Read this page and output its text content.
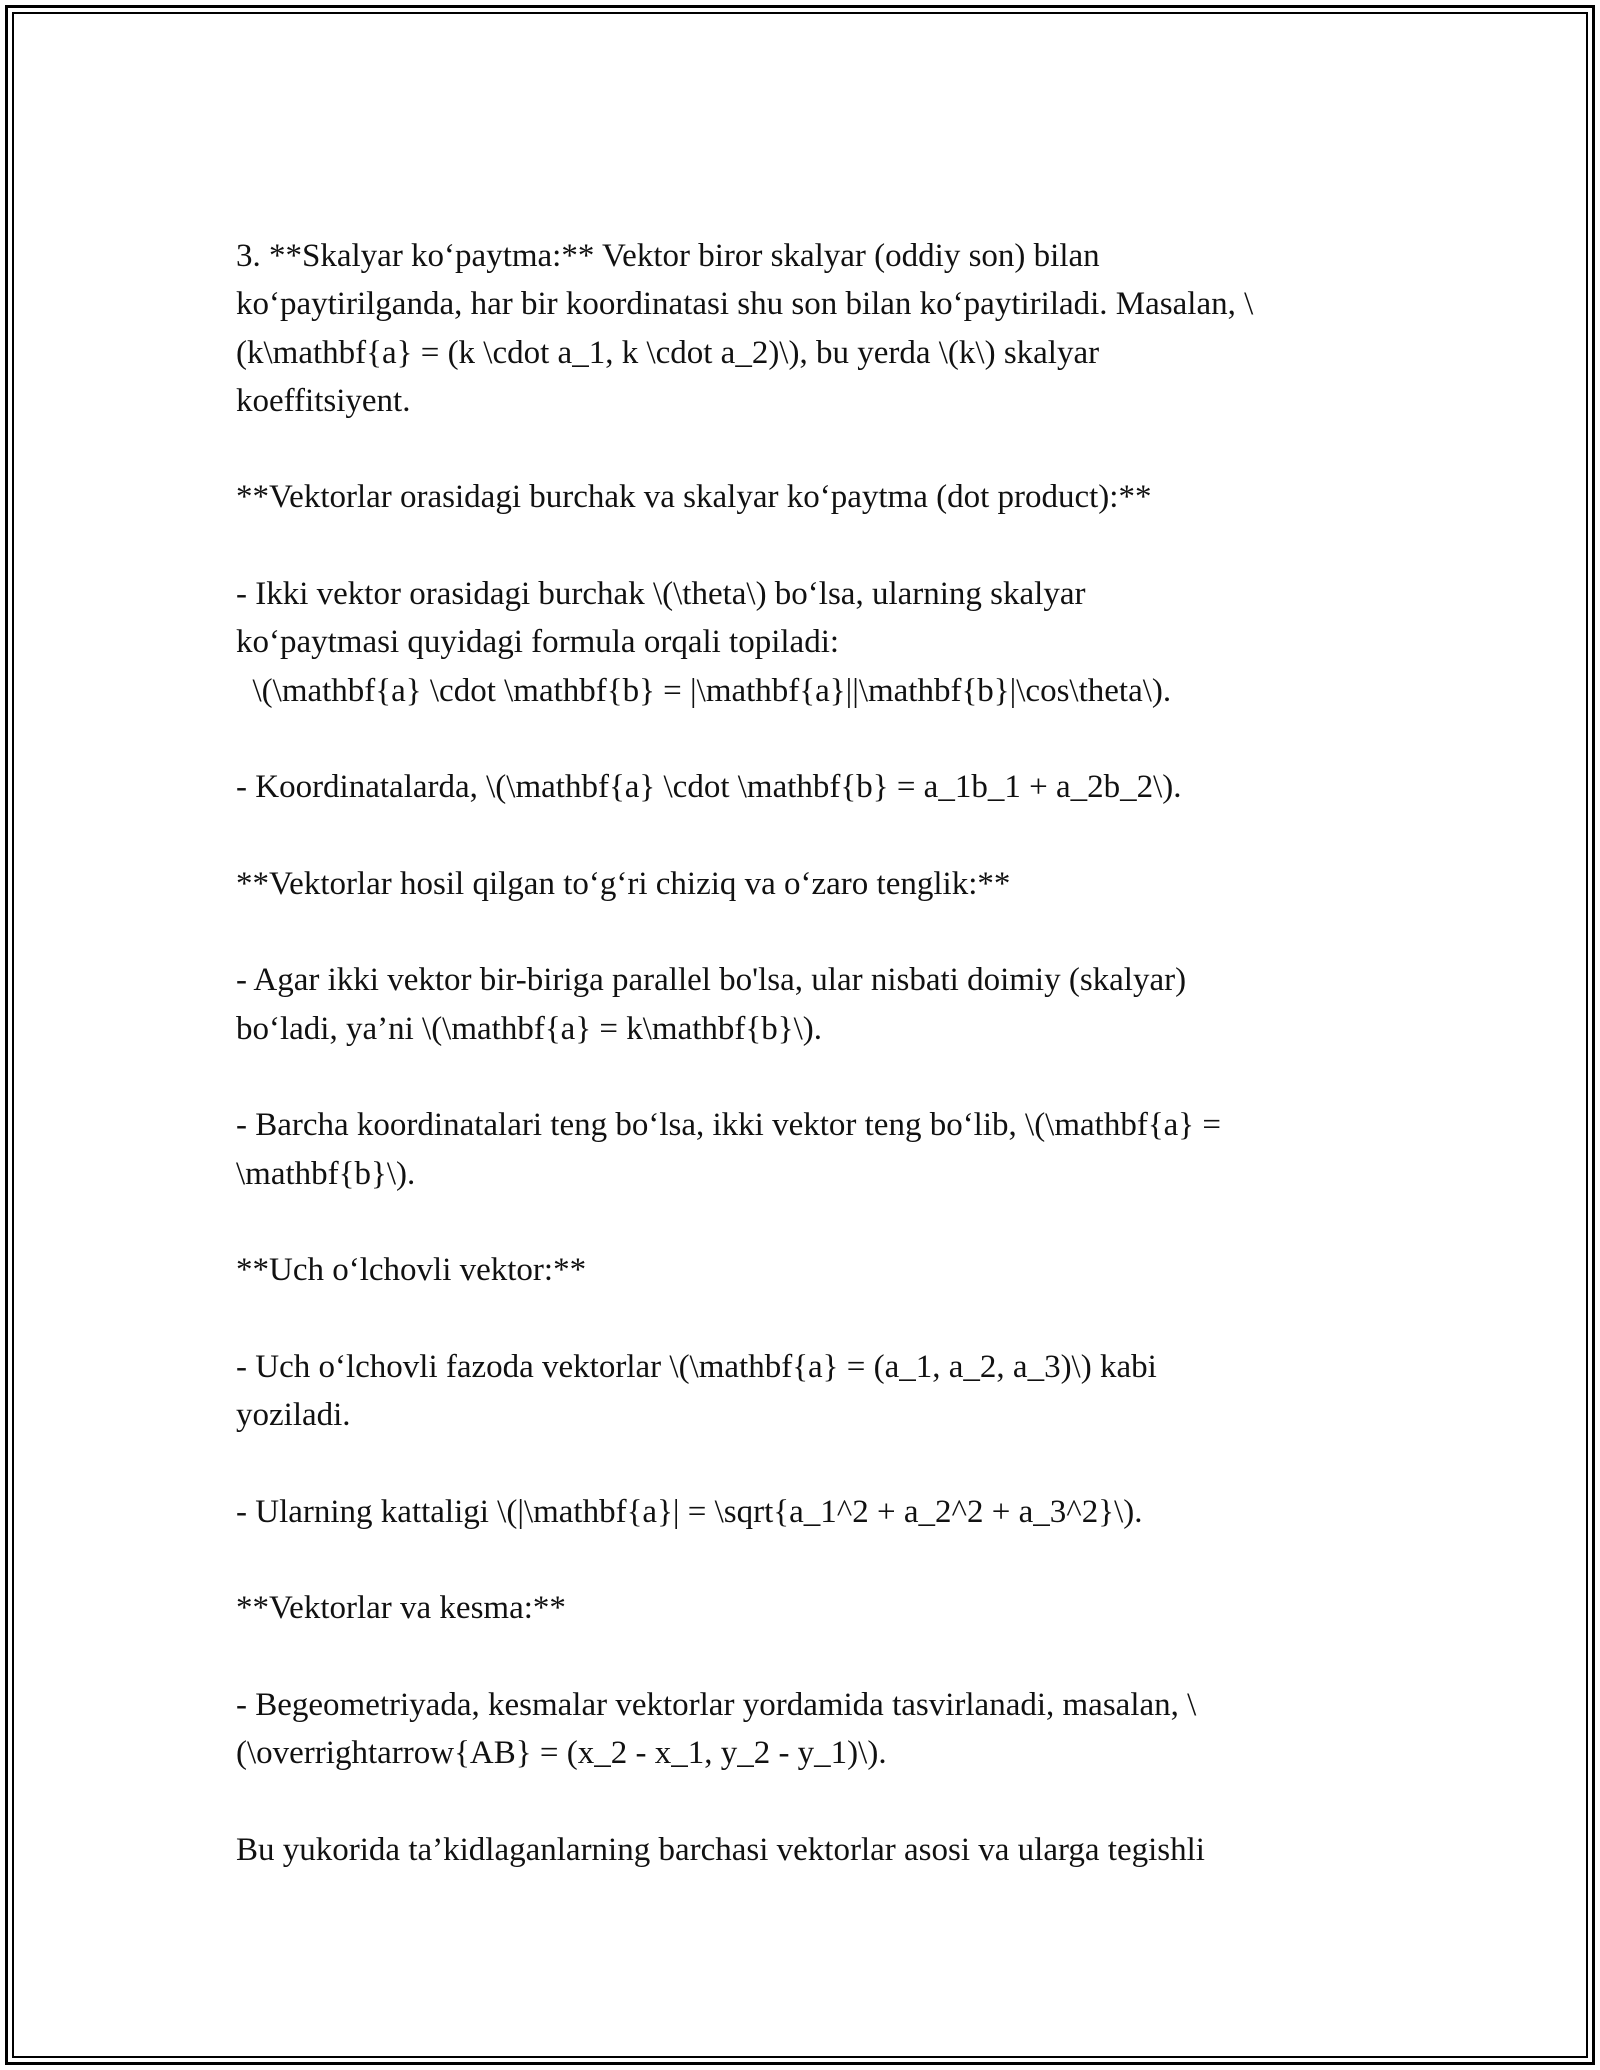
3. **Skalyar ko‘paytma:** Vektor biror skalyar (oddiy son) bilan
ko‘paytirilganda, har bir koordinatasi shu son bilan ko‘paytiriladi. Masalan, \
(k\mathbf{a} = (k \cdot a_1, k \cdot a_2)\), bu yerda \(k\) skalyar
koeffitsiyent.
**Vektorlar orasidagi burchak va skalyar ko‘paytma (dot product):**
- Ikki vektor orasidagi burchak \(\theta\) bo‘lsa, ularning skalyar
ko‘paytmasi quyidagi formula orqali topiladi:
\(\mathbf{a} \cdot \mathbf{b} = |\mathbf{a}||\mathbf{b}|\cos\theta\).
- Koordinatalarda, \(\mathbf{a} \cdot \mathbf{b} = a_1b_1 + a_2b_2\).
**Vektorlar hosil qilgan to‘g‘ri chiziq va o‘zaro tenglik:**
- Agar ikki vektor bir-biriga parallel bo'lsa, ular nisbati doimiy (skalyar)
bo‘ladi, ya’ni \(\mathbf{a} = k\mathbf{b}\).
- Barcha koordinatalari teng bo‘lsa, ikki vektor teng bo‘lib, \(\mathbf{a} =
\mathbf{b}\).
**Uch o‘lchovli vektor:**
- Uch o‘lchovli fazoda vektorlar \(\mathbf{a} = (a_1, a_2, a_3)\) kabi
yoziladi.
- Ularning kattaligi \(|\mathbf{a}| = \sqrt{a_1^2 + a_2^2 + a_3^2}\).
**Vektorlar va kesma:**
- Begeometriyada, kesmalar vektorlar yordamida tasvirlanadi, masalan, \
(\overrightarrow{AB} = (x_2 - x_1, y_2 - y_1)\).
Bu yukorida ta’kidlaganlarning barchasi vektorlar asosi va ularga tegishli
